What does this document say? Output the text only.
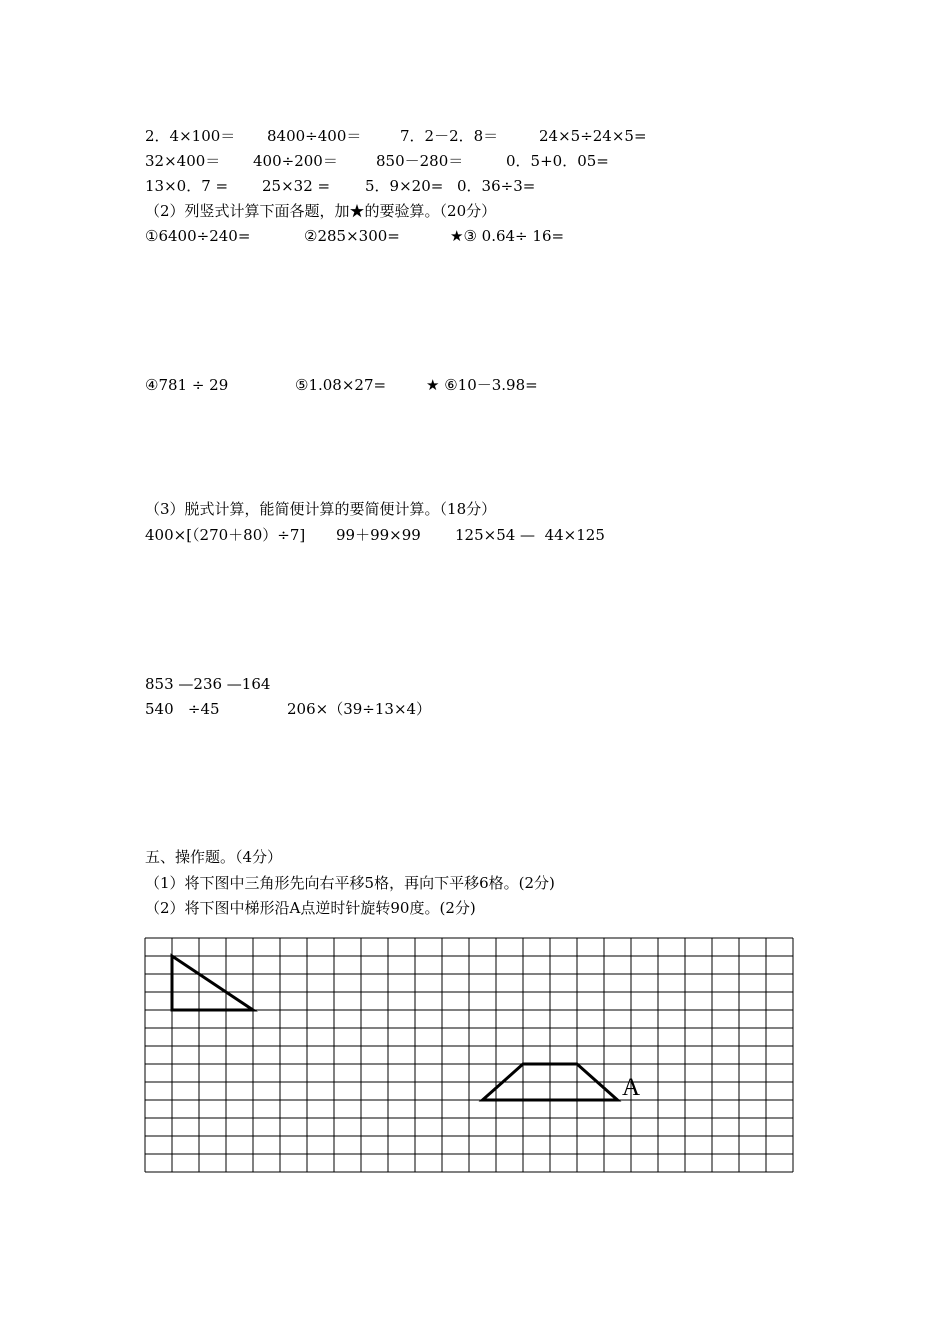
2．4×100＝

8400÷400＝

	7．2－2．8＝

	24×5÷24×5=

32×400＝

400÷200＝

	850－280＝

	0．5+0．05=

13×0．7 =

25×32 =

5．9×20=

0．36÷3=

（2）列竖式计算下面各题，加★的要验算。（20分）

①6400÷240=

	②285×300=

	★③ 0.64÷ 16=

④781 ÷ 29

	⑤1.08×27=

	★ ⑥10－3.98=

（3）脱式计算，能简便计算的要简便计算。（18分）

400×[（270＋80）÷7]

99＋99×99

125×54 —  44×125

853 —236 —164

540   ÷45

	206×（39÷13×4）

五、操作题。（4分）

（1）将下图中三角形先向右平移5格，再向下平移6格。(2分)

（2）将下图中梯形沿A点逆时针旋转90度。(2分)

A
